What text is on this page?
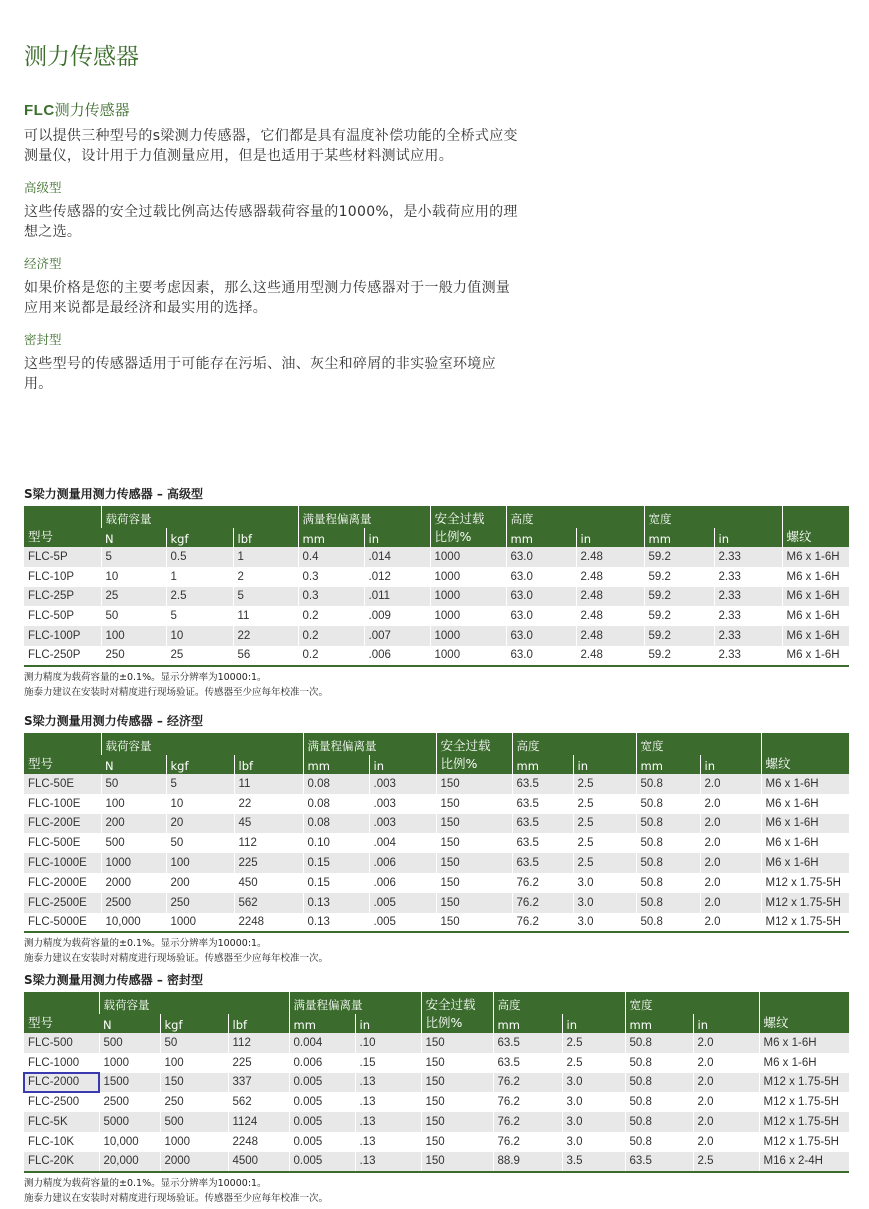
测力传感器
FLC测力传感器

可以提供三种型号的s梁测力传感器，它们都是具有温度补偿功能的全桥式应变测量仪，设计用于力值测量应用，但是也适用于某些材料测试应用。

高级型

这些传感器的安全过载比例高达传感器载荷容量的1000%，是小载荷应用的理想之选。

经济型

如果价格是您的主要考虑因素，那么这些通用型测力传感器对于一般力值测量应用来说都是最经济和最实用的选择。

密封型

这些型号的传感器适用于可能存在污垢、油、灰尘和碎屑的非实验室环境应用。

S梁力测量用测力传感器 – 高级型
型号	载荷容量			满量程偏离量		安全过载
比例%	高度		宽度		螺纹
	N	kgf	lbf	mm	in		mm	in	mm	in	
FLC-5P	5	0.5	1	0.4	.014	1000	63.0	2.48	59.2	2.33	M6 x 1-6H
FLC-10P	10	1	2	0.3	.012	1000	63.0	2.48	59.2	2.33	M6 x 1-6H
FLC-25P	25	2.5	5	0.3	.011	1000	63.0	2.48	59.2	2.33	M6 x 1-6H
FLC-50P	50	5	11	0.2	.009	1000	63.0	2.48	59.2	2.33	M6 x 1-6H
FLC-100P	100	10	22	0.2	.007	1000	63.0	2.48	59.2	2.33	M6 x 1-6H
FLC-250P	250	25	56	0.2	.006	1000	63.0	2.48	59.2	2.33	M6 x 1-6H
测力精度为载荷容量的±0.1%。显示分辨率为10000:1。
施泰力建议在安装时对精度进行现场验证。传感器至少应每年校准一次。
S梁力测量用测力传感器 – 经济型
型号	载荷容量			满量程偏离量		安全过载
比例%	高度		宽度		螺纹
	N	kgf	lbf	mm	in		mm	in	mm	in	
FLC-50E	50	5	11	0.08	.003	150	63.5	2.5	50.8	2.0	M6 x 1-6H
FLC-100E	100	10	22	0.08	.003	150	63.5	2.5	50.8	2.0	M6 x 1-6H
FLC-200E	200	20	45	0.08	.003	150	63.5	2.5	50.8	2.0	M6 x 1-6H
FLC-500E	500	50	112	0.10	.004	150	63.5	2.5	50.8	2.0	M6 x 1-6H
FLC-1000E	1000	100	225	0.15	.006	150	63.5	2.5	50.8	2.0	M6 x 1-6H
FLC-2000E	2000	200	450	0.15	.006	150	76.2	3.0	50.8	2.0	M12 x 1.75-5H
FLC-2500E	2500	250	562	0.13	.005	150	76.2	3.0	50.8	2.0	M12 x 1.75-5H
FLC-5000E	10,000	1000	2248	0.13	.005	150	76.2	3.0	50.8	2.0	M12 x 1.75-5H
测力精度为载荷容量的±0.1%。显示分辨率为10000:1。
施泰力建议在安装时对精度进行现场验证。传感器至少应每年校准一次。
S梁力测量用测力传感器 – 密封型
型号	载荷容量			满量程偏离量		安全过载
比例%	高度		宽度		螺纹
	N	kgf	lbf	mm	in		mm	in	mm	in	
FLC-500	500	50	112	0.004	.10	150	63.5	2.5	50.8	2.0	M6 x 1-6H
FLC-1000	1000	100	225	0.006	.15	150	63.5	2.5	50.8	2.0	M6 x 1-6H
FLC-2000	1500	150	337	0.005	.13	150	76.2	3.0	50.8	2.0	M12 x 1.75-5H
FLC-2500	2500	250	562	0.005	.13	150	76.2	3.0	50.8	2.0	M12 x 1.75-5H
FLC-5K	5000	500	1124	0.005	.13	150	76.2	3.0	50.8	2.0	M12 x 1.75-5H
FLC-10K	10,000	1000	2248	0.005	.13	150	76.2	3.0	50.8	2.0	M12 x 1.75-5H
FLC-20K	20,000	2000	4500	0.005	.13	150	88.9	3.5	63.5	2.5	M16 x 2-4H
测力精度为载荷容量的±0.1%。显示分辨率为10000:1。
施泰力建议在安装时对精度进行现场验证。传感器至少应每年校准一次。
